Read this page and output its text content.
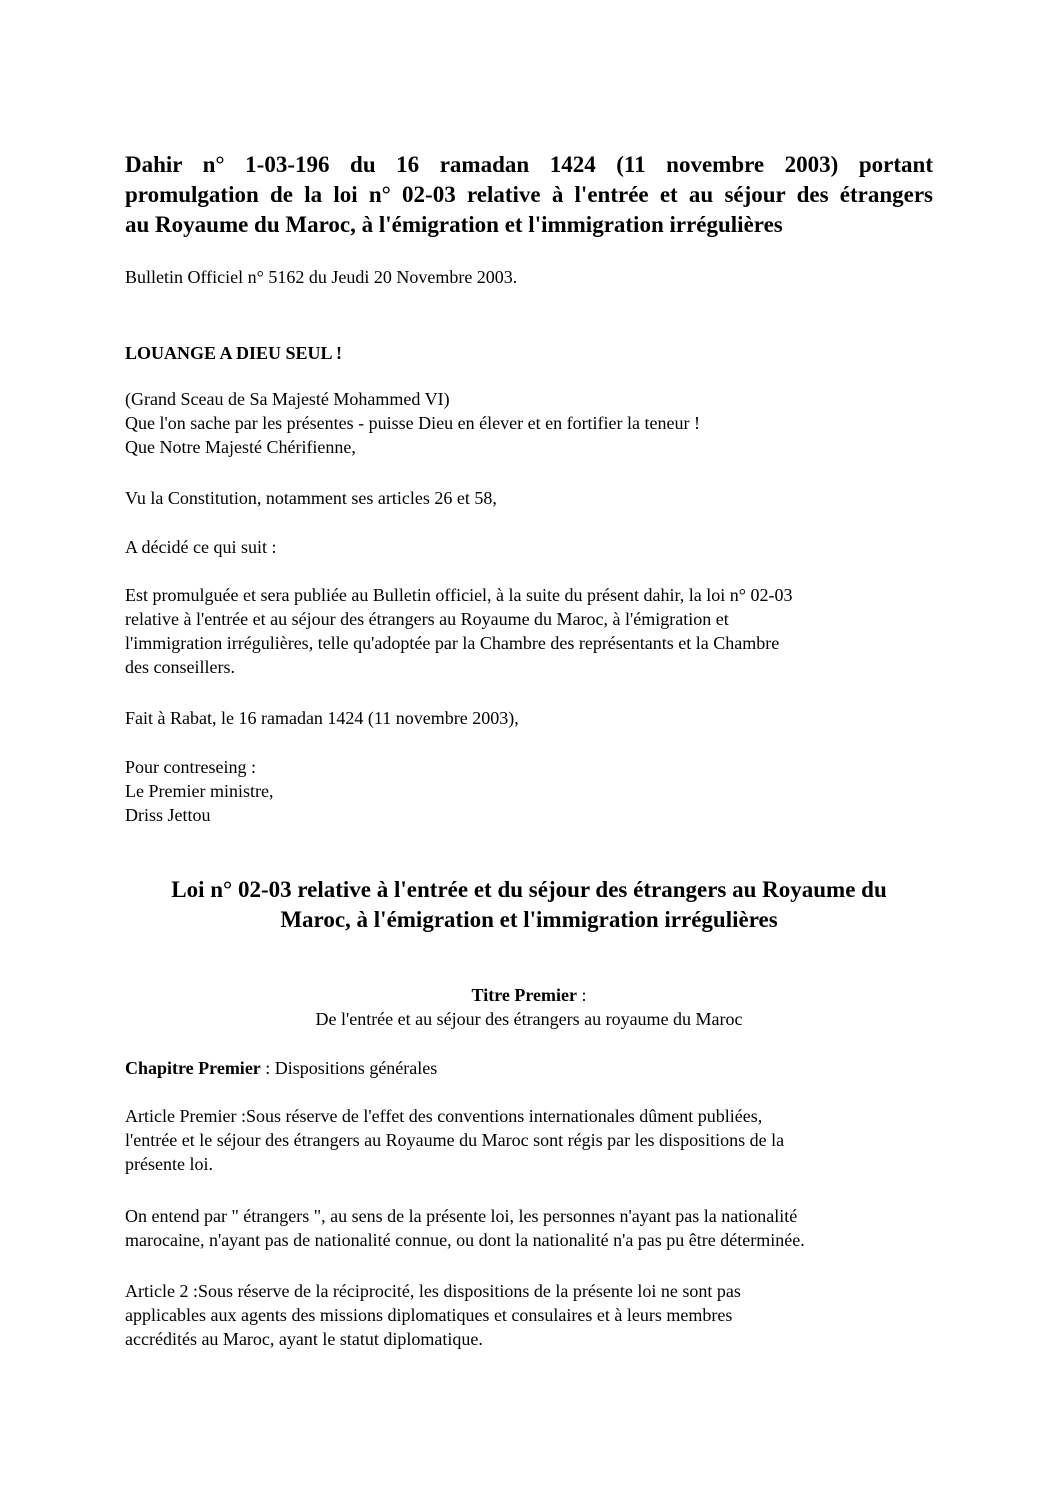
Dahir n° 1-03-196 du 16 ramadan 1424 (11 novembre 2003) portant
promulgation de la loi n° 02-03 relative à l'entrée et au séjour des étrangers
au Royaume du Maroc, à l'émigration et l'immigration irrégulières

Bulletin Officiel n° 5162 du Jeudi 20 Novembre 2003.

LOUANGE A DIEU SEUL !

(Grand Sceau de Sa Majesté Mohammed VI)
Que l'on sache par les présentes - puisse Dieu en élever et en fortifier la teneur !
Que Notre Majesté Chérifienne,

Vu la Constitution, notamment ses articles 26 et 58,

A décidé ce qui suit :

Est promulguée et sera publiée au Bulletin officiel, à la suite du présent dahir, la loi n° 02-03
relative à l'entrée et au séjour des étrangers au Royaume du Maroc, à l'émigration et
l'immigration irrégulières, telle qu'adoptée par la Chambre des représentants et la Chambre
des conseillers.

Fait à Rabat, le 16 ramadan 1424 (11 novembre 2003),

Pour contreseing :
Le Premier ministre,
Driss Jettou
Loi n° 02-03 relative à l'entrée et du séjour des étrangers au Royaume du
Maroc, à l'émigration et l'immigration irrégulières
Titre Premier :
De l'entrée et au séjour des étrangers au royaume du Maroc

Chapitre Premier : Dispositions générales

Article Premier :Sous réserve de l'effet des conventions internationales dûment publiées,
l'entrée et le séjour des étrangers au Royaume du Maroc sont régis par les dispositions de la
présente loi.
On entend par " étrangers ", au sens de la présente loi, les personnes n'ayant pas la nationalité
marocaine, n'ayant pas de nationalité connue, ou dont la nationalité n'a pas pu être déterminée.
Article 2 :Sous réserve de la réciprocité, les dispositions de la présente loi ne sont pas
applicables aux agents des missions diplomatiques et consulaires et à leurs membres
accrédités au Maroc, ayant le statut diplomatique.
